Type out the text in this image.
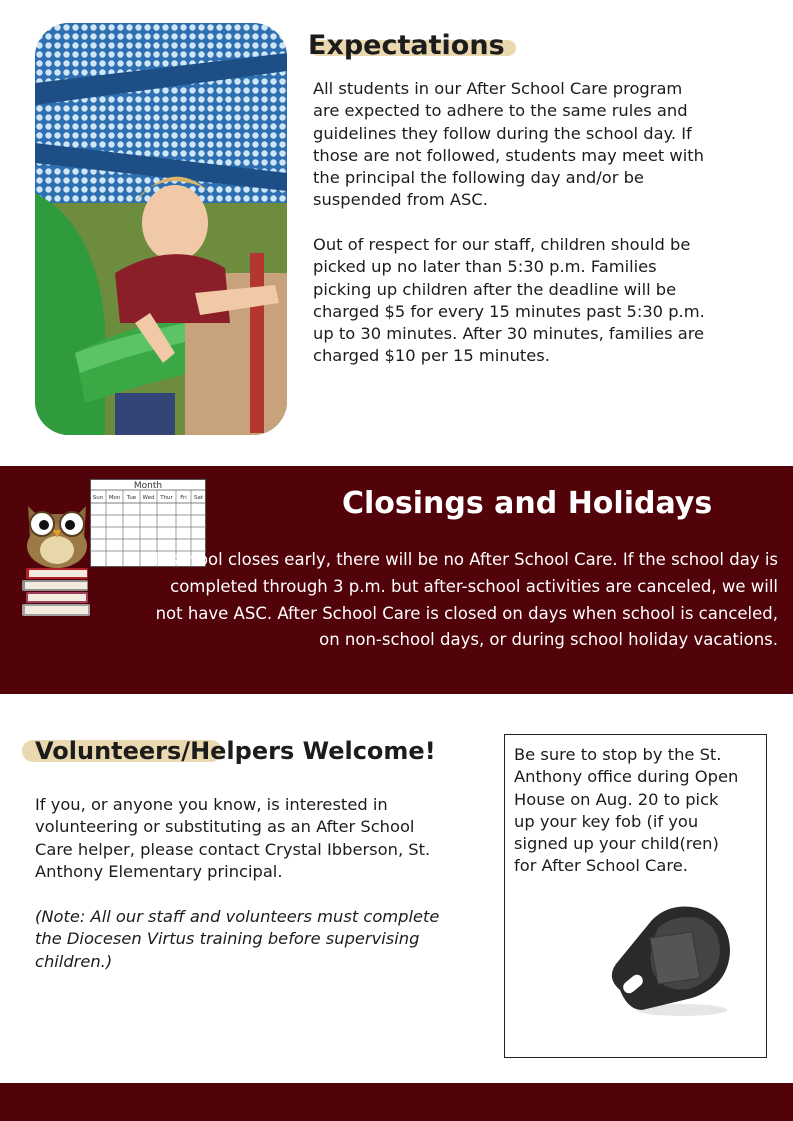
Expectations

All students in our After School Care program
are expected to adhere to the same rules and
guidelines they follow during the school day. If
those are not followed, students may meet with
the principal the following day and/or be
suspended from ASC.

Out of respect for our staff, children should be
picked up no later than 5:30 p.m. Families
picking up children after the deadline will be
charged $5 for every 15 minutes past 5:30 p.m.
up to 30 minutes. After 30 minutes, families are
charged $10 per 15 minutes.

Month
Sun Mon Tue Wed Thur Fri Sat	Closings and Holidays

If school closes early, there will be no After School Care. If the school day is completed through 3 p.m. but after-school activities are canceled, we will not have ASC. After School Care is closed on days when school is canceled, on non-school days, or during school holiday vacations.

Volunteers/Helpers Welcome!

If you, or anyone you know, is interested in
volunteering or substituting as an After School
Care helper, please contact Crystal Ibberson, St.
Anthony Elementary principal.

(Note: All our staff and volunteers must complete
the Diocesen Virtus training before supervising
children.)

Be sure to stop by the St.
Anthony office during Open
House on Aug. 20 to pick
up your key fob (if you
signed up your child(ren)
for After School Care.
